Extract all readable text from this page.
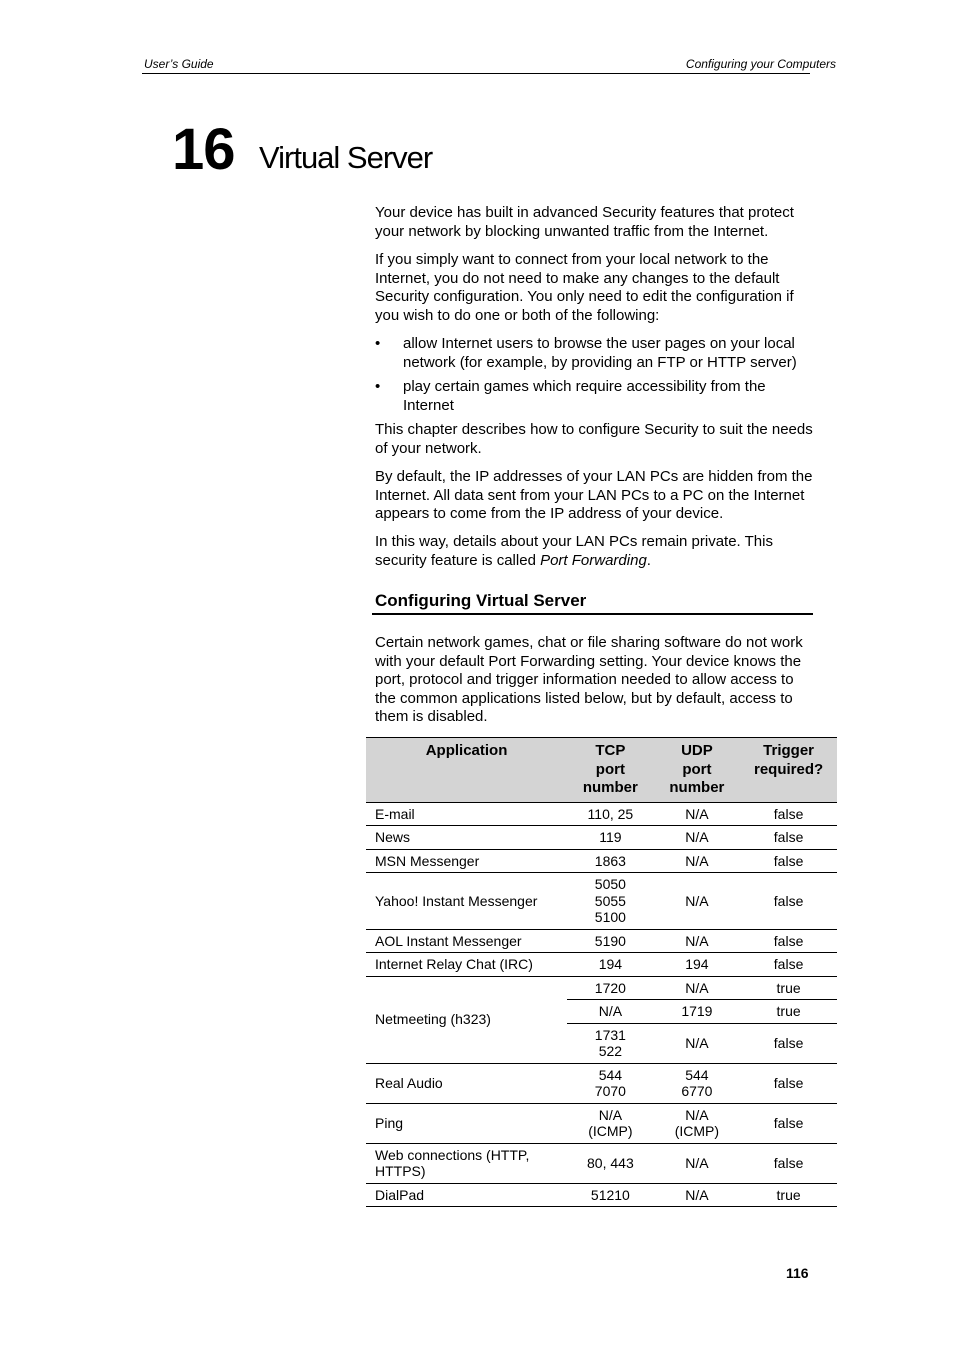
User’s Guide	Configuring your Computers
16 Virtual Server

Your device has built in advanced Security features that protect your network by blocking unwanted traffic from the Internet.

If you simply want to connect from your local network to the Internet, you do not need to make any changes to the default Security configuration. You only need to edit the configuration if you wish to do one or both of the following:

• allow Internet users to browse the user pages on your local network (for example, by providing an FTP or HTTP server)
• play certain games which require accessibility from the Internet

This chapter describes how to configure Security to suit the needs of your network.

By default, the IP addresses of your LAN PCs are hidden from the Internet. All data sent from your LAN PCs to a PC on the Internet appears to come from the IP address of your device.

In this way, details about your LAN PCs remain private. This security feature is called Port Forwarding.

Configuring Virtual Server

Certain network games, chat or file sharing software do not work with your default Port Forwarding setting. Your device knows the port, protocol and trigger information needed to allow access to the common applications listed below, but by default, access to them is disabled.

Application	TCP
port
number	UDP
port
number	Trigger
required?
E-mail	110, 25	N/A	false
News	119	N/A	false
MSN Messenger	1863	N/A	false
Yahoo! Instant Messenger	5050
5055
5100	N/A	false
AOL Instant Messenger	5190	N/A	false
Internet Relay Chat (IRC)	194	194	false
Netmeeting (h323)	1720	N/A	true
	N/A	1719	true
	1731
522	N/A	false
Real Audio	544
7070	544
6770	false
Ping	N/A
(ICMP)	N/A
(ICMP)	false
Web connections (HTTP, HTTPS)	80, 443	N/A	false
DialPad	51210	N/A	true
116
